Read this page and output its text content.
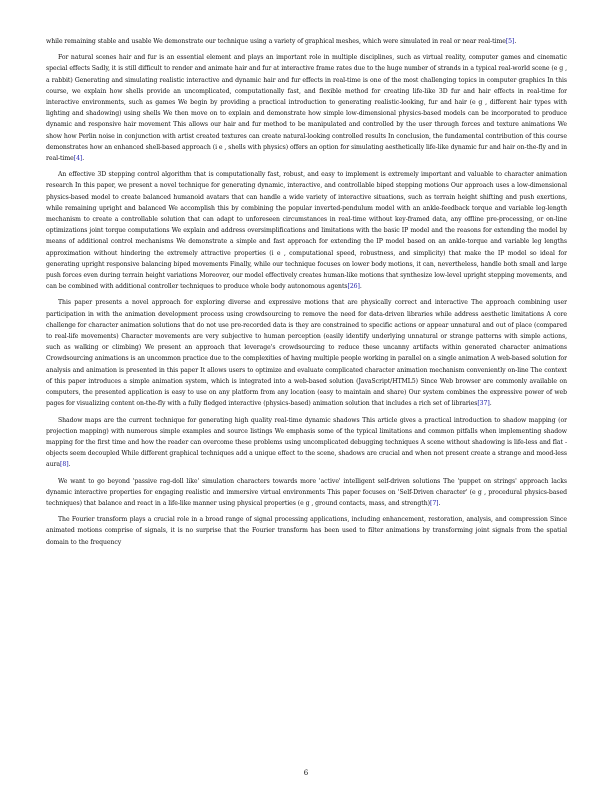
while remaining stable and usable We demonstrate our technique using a variety of graphical meshes, which were simulated in real or near real-time[5].

For natural scenes hair and fur is an essential element and plays an important role in multiple disciplines, such as virtual reality, computer games and cinematic special effects Sadly, it is still difficult to render and animate hair and fur at interactive frame rates due to the huge number of strands in a typical real-world scene (e g , a rabbit) Generating and simulating realistic interactive and dynamic hair and fur effects in real-time is one of the most challenging topics in computer graphics In this course, we explain how shells provide an uncomplicated, computationally fast, and flexible method for creating life-like 3D fur and hair effects in real-time for interactive environments, such as games We begin by providing a practical introduction to generating realistic-looking, fur and hair (e g , different hair types with lighting and shadowing) using shells We then move on to explain and demonstrate how simple low-dimensional physics-based models can be incorporated to produce dynamic and responsive hair movement This allows our hair and fur method to be manipulated and controlled by the user through forces and texture animations We show how Perlin noise in conjunction with artist created textures can create natural-looking controlled results In conclusion, the fundamental contribution of this course demonstrates how an enhanced shell-based approach (i e , shells with physics) offers an option for simulating aesthetically life-like dynamic fur and hair on-the-fly and in real-time[4].

An effective 3D stepping control algorithm that is computationally fast, robust, and easy to implement is extremely important and valuable to character animation research In this paper, we present a novel technique for generating dynamic, interactive, and controllable biped stepping motions Our approach uses a low-dimensional physics-based model to create balanced humanoid avatars that can handle a wide variety of interactive situations, such as terrain height shifting and push exertions, while remaining upright and balanced We accomplish this by combining the popular inverted-pendulum model with an ankle-feedback torque and variable leg-length mechanism to create a controllable solution that can adapt to unforeseen circumstances in real-time without key-framed data, any offline pre-processing, or on-line optimizations joint torque computations We explain and address oversimplifications and limitations with the basic IP model and the reasons for extending the model by means of additional control mechanisms We demonstrate a simple and fast approach for extending the IP model based on an ankle-torque and variable leg lengths approximation without hindering the extremely attractive properties (i e , computational speed, robustness, and simplicity) that make the IP model so ideal for generating upright responsive balancing biped movements Finally, while our technique focuses on lower body motions, it can, nevertheless, handle both small and large push forces even during terrain height variations Moreover, our model effectively creates human-like motions that synthesize low-level upright stepping movements, and can be combined with additional controller techniques to produce whole body autonomous agents[26].

This paper presents a novel approach for exploring diverse and expressive motions that are physically correct and interactive The approach combining user participation in with the animation development process using crowdsourcing to remove the need for data-driven libraries while address aesthetic limitations A core challenge for character animation solutions that do not use pre-recorded data is they are constrained to specific actions or appear unnatural and out of place (compared to real-life movements) Character movements are very subjective to human perception (easily identify underlying unnatural or strange patterns with simple actions, such as walking or climbing) We present an approach that leverage's crowdsourcing to reduce these uncanny artifacts within generated character animations Crowdsourcing animations is an uncommon practice due to the complexities of having multiple people working in parallel on a single animation A web-based solution for analysis and animation is presented in this paper It allows users to optimize and evaluate complicated character animation mechanism conveniently on-line The context of this paper introduces a simple animation system, which is integrated into a web-based solution (JavaScript/HTML5) Since Web browser are commonly available on computers, the presented application is easy to use on any platform from any location (easy to maintain and share) Our system combines the expressive power of web pages for visualizing content on-the-fly with a fully fledged interactive (physics-based) animation solution that includes a rich set of libraries[37].

Shadow maps are the current technique for generating high quality real-time dynamic shadows This article gives a practical introduction to shadow mapping (or projection mapping) with numerous simple examples and source listings We emphasis some of the typical limitations and common pitfalls when implementing shadow mapping for the first time and how the reader can overcome these problems using uncomplicated debugging techniques A scene without shadowing is life-less and flat - objects seem decoupled While different graphical techniques add a unique effect to the scene, shadows are crucial and when not present create a strange and mood-less aura[8].

We want to go beyond 'passive rag-doll like' simulation characters towards more 'active' intelligent self-driven solutions The 'puppet on strings' approach lacks dynamic interactive properties for engaging realistic and immersive virtual environments This paper focuses on 'Self-Driven character' (e g , procedural physics-based techniques) that balance and react in a life-like manner using physical properties (e g , ground contacts, mass, and strength)[7].

The Fourier transform plays a crucial role in a broad range of signal processing applications, including enhancement, restoration, analysis, and compression Since animated motions comprise of signals, it is no surprise that the Fourier transform has been used to filter animations by transforming joint signals from the spatial domain to the frequency

6
